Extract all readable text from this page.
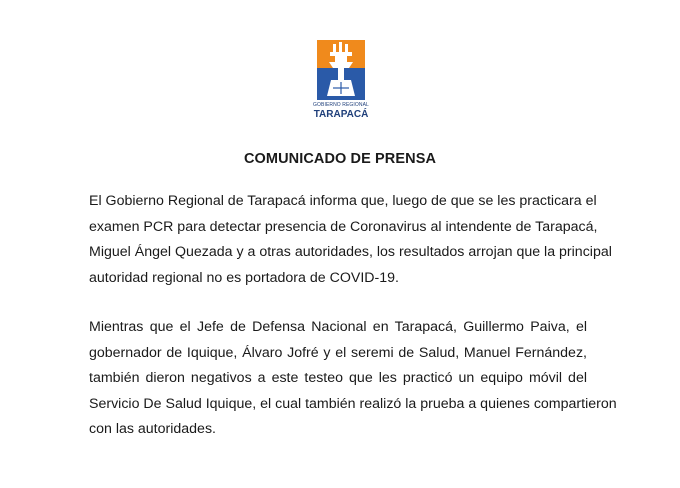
GOBIERNO REGIONAL
TARAPACÁ
COMUNICADO DE PRENSA
El Gobierno Regional de Tarapacá informa que, luego de que se les practicara el
examen PCR para detectar presencia de Coronavirus al intendente de Tarapacá,
Miguel Ángel Quezada y a otras autoridades, los resultados arrojan que la principal
autoridad regional no es portadora de COVID-19.
Mientras que el Jefe de Defensa Nacional en Tarapacá, Guillermo Paiva, el
gobernador de Iquique, Álvaro Jofré y el seremi de Salud, Manuel Fernández,
también dieron negativos a este testeo que les practicó un equipo móvil del
Servicio De Salud Iquique, el cual también realizó la prueba a quienes compartieron
con las autoridades.
